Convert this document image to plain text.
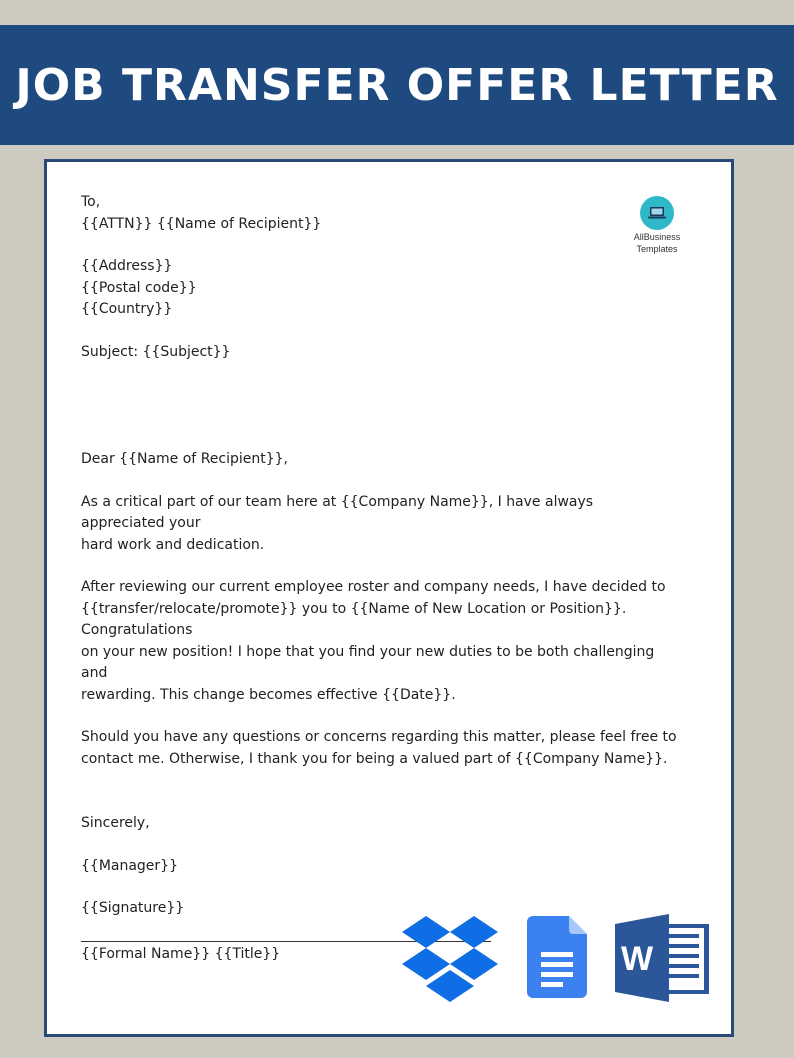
JOB TRANSFER OFFER LETTER
AllBusiness
Templates

To,

{{ATTN}} {{Name of Recipient}}

{{Address}}

{{Postal code}}

{{Country}}

Subject: {{Subject}}

Dear {{Name of Recipient}},

As a critical part of our team here at {{Company Name}}, I have always appreciated your

hard work and dedication.

After reviewing our current employee roster and company needs, I have decided to

{{transfer/relocate/promote}} you to {{Name of New Location or Position}}. Congratulations

on your new position! I hope that you find your new duties to be both challenging and

rewarding. This change becomes effective {{Date}}.

Should you have any questions or concerns regarding this matter, please feel free to

contact me. Otherwise, I thank you for being a valued part of {{Company Name}}.

Sincerely,

{{Manager}}

{{Signature}}

{{Formal Name}} {{Title}}	W
